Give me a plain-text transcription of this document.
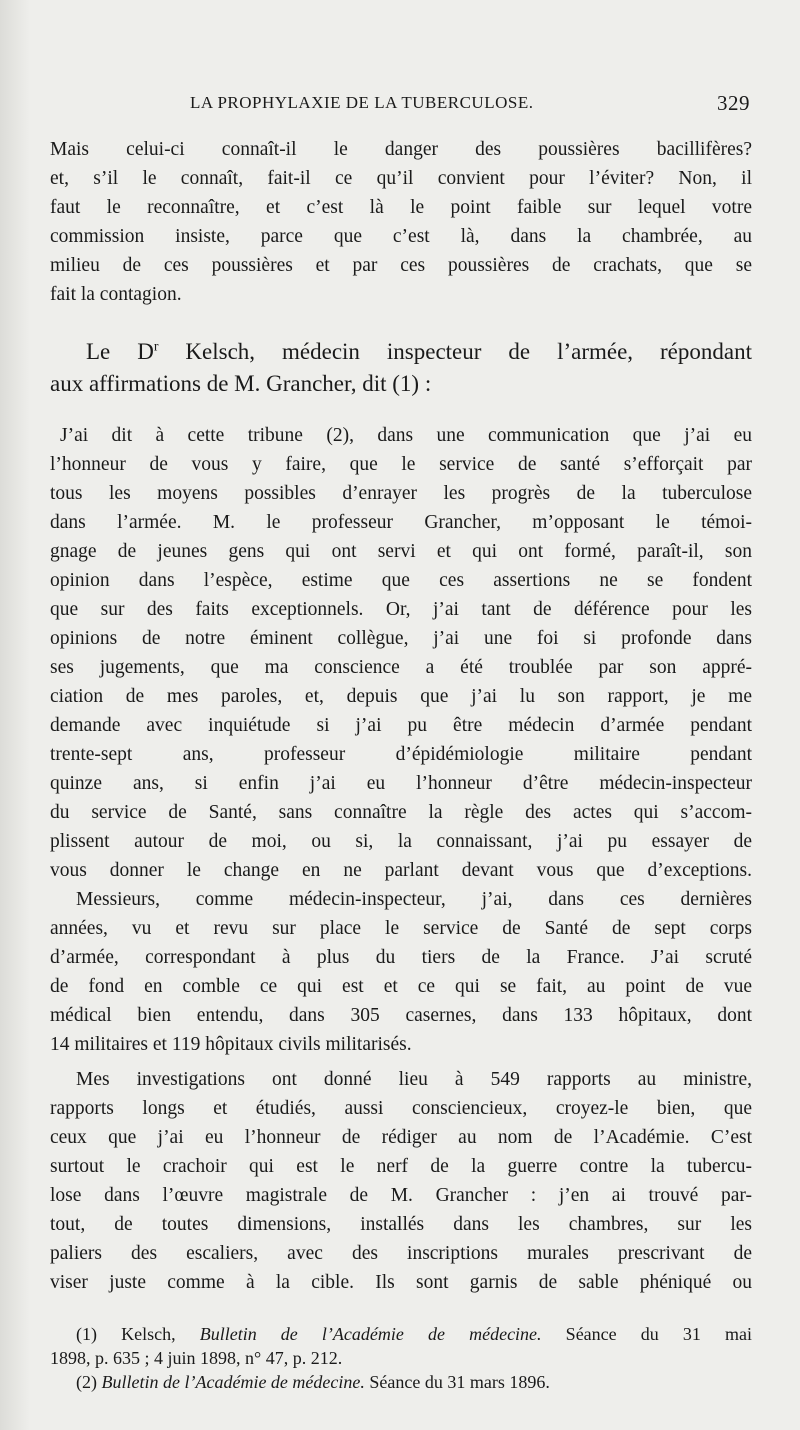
LA PROPHYLAXIE DE LA TUBERCULOSE.	329
Mais celui-ci connaît-il le danger des poussières bacillifères?
et, s’il le connaît, fait-il ce qu’il convient pour l’éviter? Non, il
faut le reconnaître, et c’est là le point faible sur lequel votre
commission insiste, parce que c’est là, dans la chambrée, au
milieu de ces poussières et par ces poussières de crachats, que se
fait la contagion.
Le $D^r$ Kelsch, médecin inspecteur de l’armée, répondant
aux affirmations de M. Grancher, dit (1) :
J’ai dit à cette tribune (2), dans une communication que j’ai eu
l’honneur de vous y faire, que le service de santé s’efforçait par
tous les moyens possibles d’enrayer les progrès de la tuberculose
dans l’armée. M. le professeur Grancher, m’opposant le témoi-
gnage de jeunes gens qui ont servi et qui ont formé, paraît-il, son
opinion dans l’espèce, estime que ces assertions ne se fondent
que sur des faits exceptionnels. Or, j’ai tant de déférence pour les
opinions de notre éminent collègue, j’ai une foi si profonde dans
ses jugements, que ma conscience a été troublée par son appré-
ciation de mes paroles, et, depuis que j’ai lu son rapport, je me
demande avec inquiétude si j’ai pu être médecin d’armée pendant
trente-sept ans, professeur d’épidémiologie militaire pendant
quinze ans, si enfin j’ai eu l’honneur d’être médecin-inspecteur
du service de Santé, sans connaître la règle des actes qui s’accom-
plissent autour de moi, ou si, la connaissant, j’ai pu essayer de
vous donner le change en ne parlant devant vous que d’exceptions.
Messieurs, comme médecin-inspecteur, j’ai, dans ces dernières
années, vu et revu sur place le service de Santé de sept corps
d’armée, correspondant à plus du tiers de la France. J’ai scruté
de fond en comble ce qui est et ce qui se fait, au point de vue
médical bien entendu, dans 305 casernes, dans 133 hôpitaux, dont
14 militaires et 119 hôpitaux civils militarisés.
Mes investigations ont donné lieu à 549 rapports au ministre,
rapports longs et étudiés, aussi consciencieux, croyez-le bien, que
ceux que j’ai eu l’honneur de rédiger au nom de l’Académie. C’est
surtout le crachoir qui est le nerf de la guerre contre la tubercu-
lose dans l’œuvre magistrale de M. Grancher : j’en ai trouvé par-
tout, de toutes dimensions, installés dans les chambres, sur les
paliers des escaliers, avec des inscriptions murales prescrivant de
viser juste comme à la cible. Ils sont garnis de sable phéniqué ou
(1) Kelsch, Bulletin de l’Académie de médecine. Séance du 31 mai
1898, p. 635 ; 4 juin 1898, n° 47, p. 212.
(2) Bulletin de l’Académie de médecine. Séance du 31 mars 1896.
